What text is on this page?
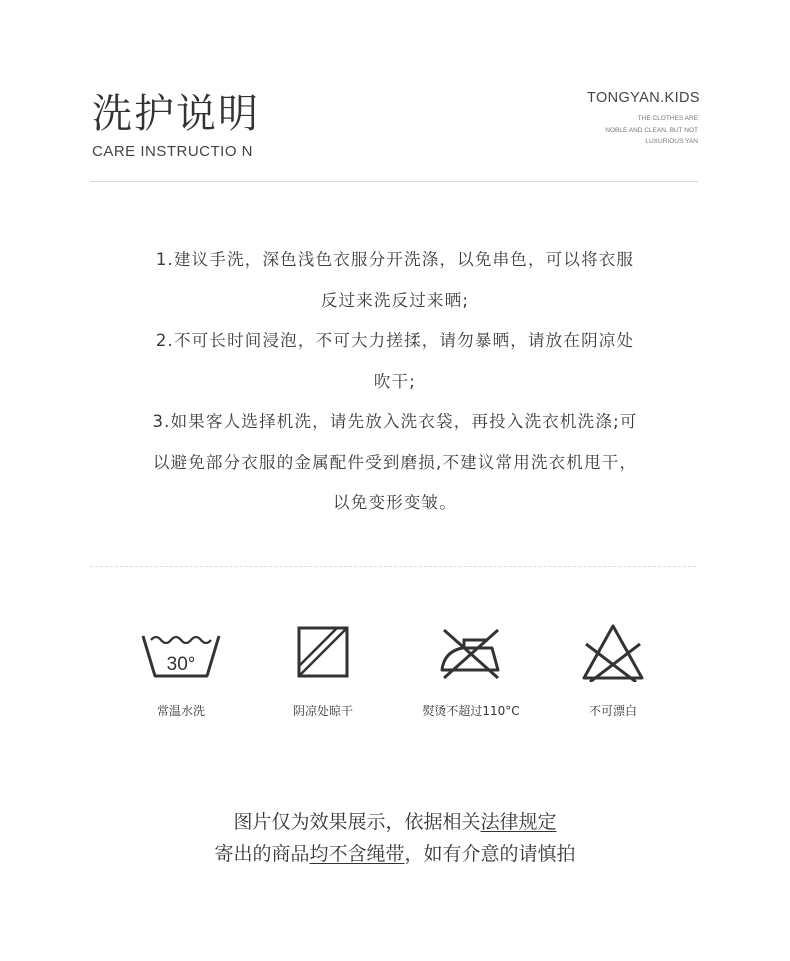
洗护说明
CARE INSTRUCTIO N
TONGYAN.KIDS
THE CLOTHES ARE
NOBLE AND CLEAN, BUT NOT
LUXURIOUS.YAN
1.建议手洗，深色浅色衣服分开洗涤，以免串色，可以将衣服
反过来洗反过来晒;
2.不可长时间浸泡，不可大力搓揉，请勿暴晒，请放在阴凉处
吹干;
3.如果客人选择机洗，请先放入洗衣袋，再投入洗衣机洗涤;可
以避免部分衣服的金属配件受到磨损,不建议常用洗衣机甩干，
以免变形变皱。
30°
常温水洗	阴凉处晾干	熨烫不超过110°C	不可漂白
图片仅为效果展示，依据相关法律规定
寄出的商品均不含绳带，如有介意的请慎拍
